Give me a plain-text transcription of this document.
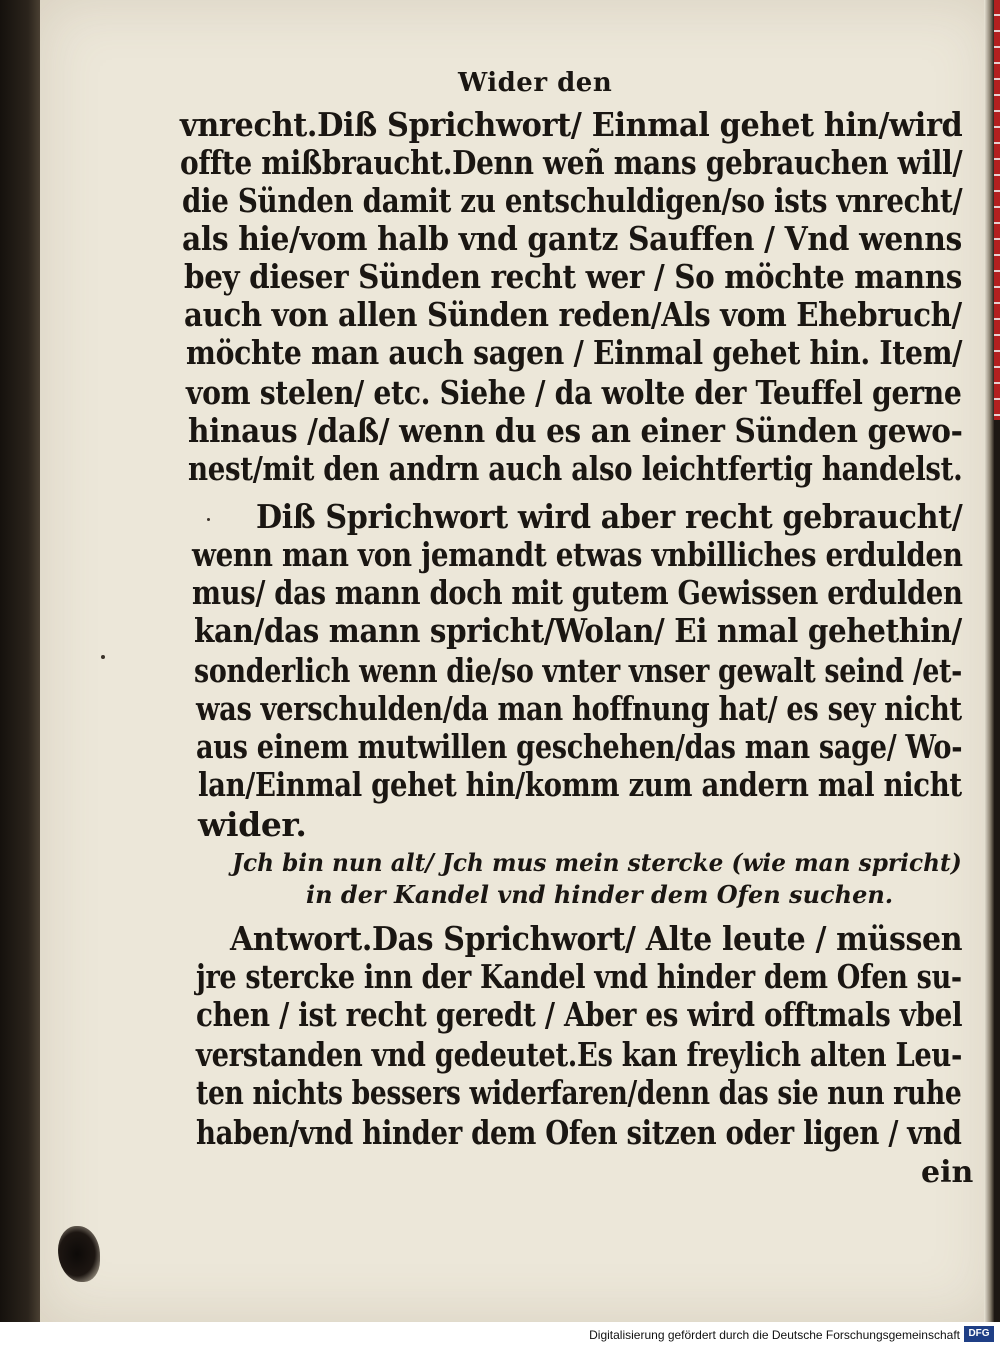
Wider den
vnrecht.Diß Sprichwort/ Einmal gehet hin/wird
offte mißbraucht.Denn weñ mans gebrauchen will/
die Sünden damit zu entschuldigen/so ists vnrecht/
als hie/vom halb vnd gantz Sauffen / Vnd wenns
bey dieser Sünden recht wer / So möchte manns
auch von allen Sünden reden/Als vom Ehebruch/
möchte man auch sagen / Einmal gehet hin. Item/
vom stelen/ etc. Siehe / da wolte der Teuffel gerne
hinaus /daß/ wenn du es an einer Sünden gewo-
nest/mit den andrn auch also leichtfertig handelst.
Diß Sprichwort wird aber recht gebraucht/
wenn man von jemandt etwas vnbilliches erdulden
mus/ das mann doch mit gutem Gewissen erdulden
kan/das mann spricht/Wolan/ Ei nmal gehethin/
sonderlich wenn die/so vnter vnser gewalt seind /et-
was verschulden/da man hoffnung hat/ es sey nicht
aus einem mutwillen geschehen/das man sage/ Wo-
lan/Einmal gehet hin/komm zum andern mal nicht
wider.
Jch bin nun alt/ Jch mus mein stercke (wie man spricht)
in der Kandel vnd hinder dem Ofen suchen.
Antwort.Das Sprichwort/ Alte leute / müssen
jre stercke inn der Kandel vnd hinder dem Ofen su-
chen / ist recht geredt / Aber es wird offtmals vbel
verstanden vnd gedeutet.Es kan freylich alten Leu-
ten nichts bessers widerfaren/denn das sie nun ruhe
haben/vnd hinder dem Ofen sitzen oder ligen / vnd
ein
Digitalisierung gefördert durch die Deutsche Forschungsgemeinschaft DFG
